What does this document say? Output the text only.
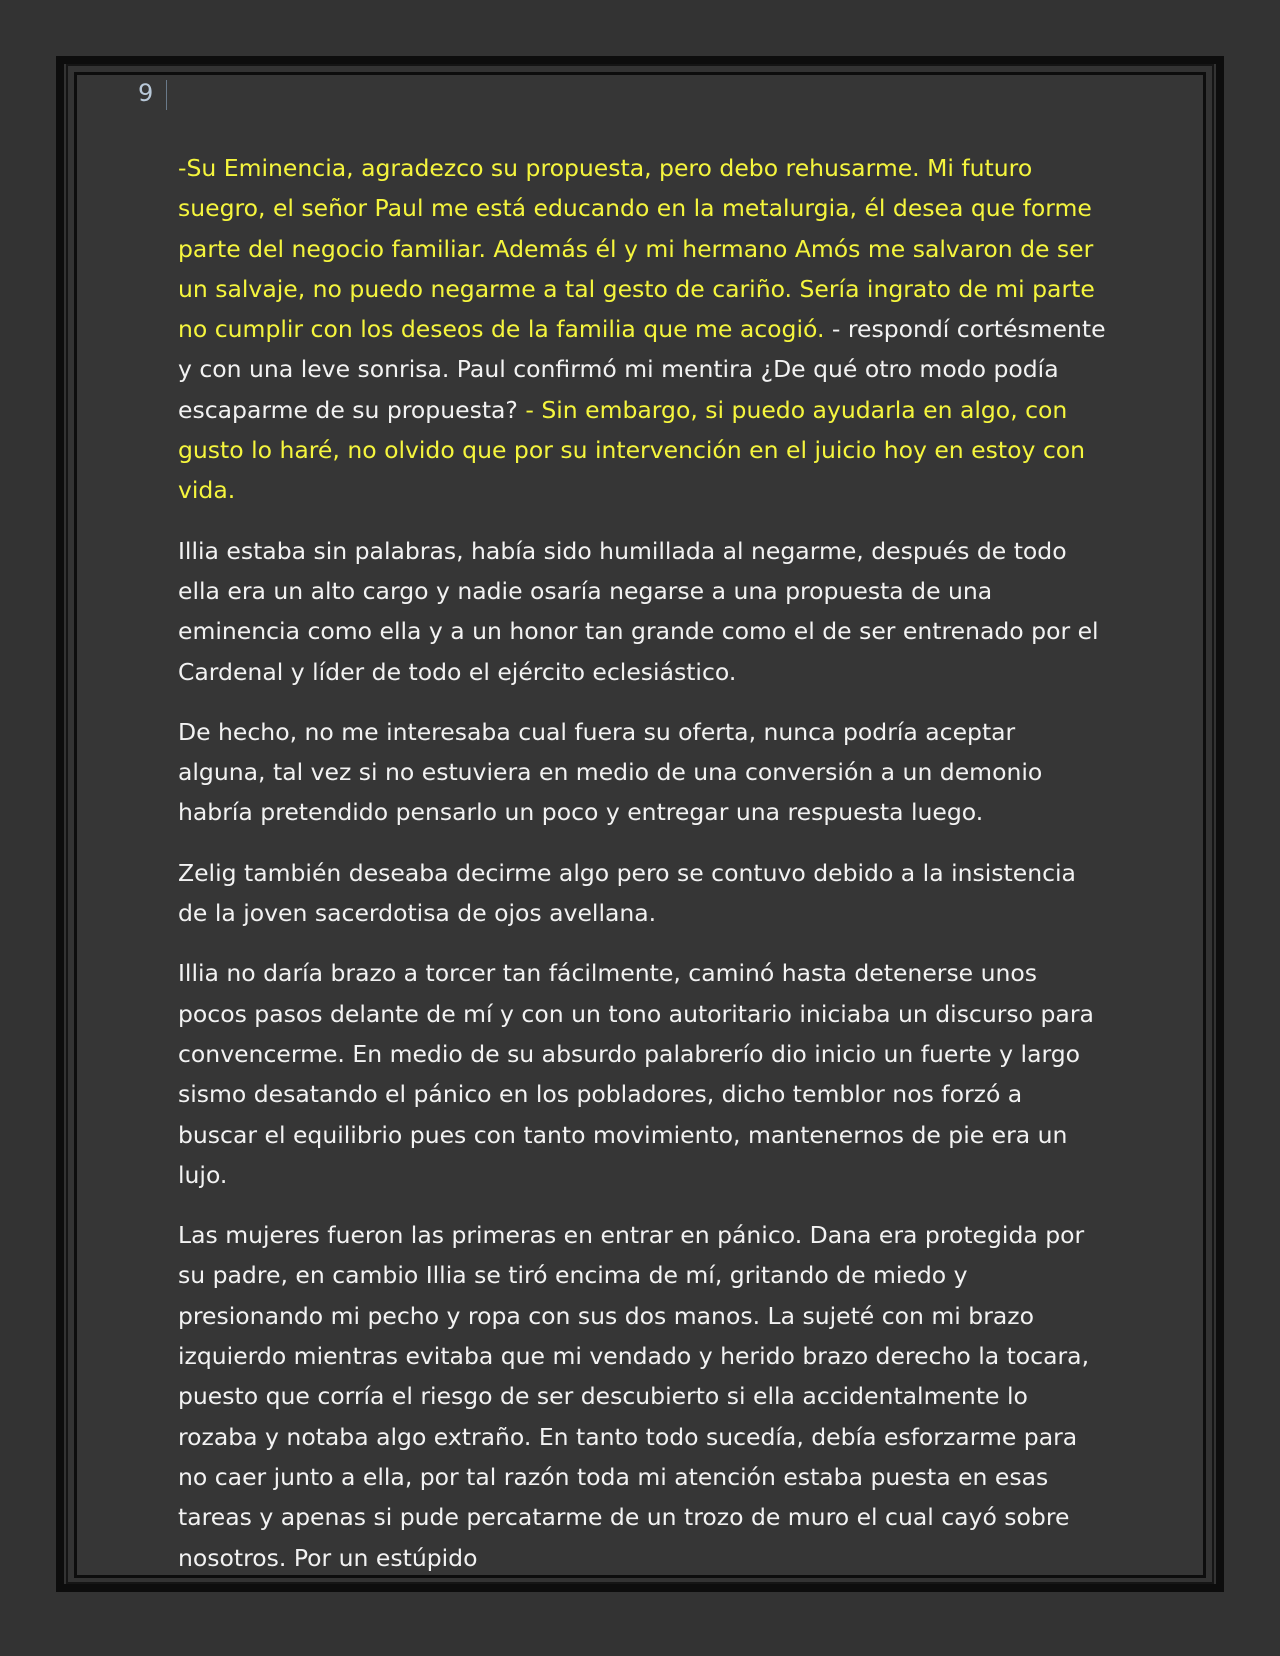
9

-Su Eminencia, agradezco su propuesta, pero debo rehusarme. Mi futuro suegro, el señor Paul me está educando en la metalurgia, él desea que forme parte del negocio familiar. Además él y mi hermano Amós me salvaron de ser un salvaje, no puedo negarme a tal gesto de cariño. Sería ingrato de mi parte no cumplir con los deseos de la familia que me acogió. - respondí cortésmente y con una leve sonrisa. Paul confirmó mi mentira ¿De qué otro modo podía escaparme de su propuesta? - Sin embargo, si puedo ayudarla en algo, con gusto lo haré, no olvido que por su intervención en el juicio hoy en estoy con vida.

Illia estaba sin palabras, había sido humillada al negarme, después de todo ella era un alto cargo y nadie osaría negarse a una propuesta de una eminencia como ella y a un honor tan grande como el de ser entrenado por el Cardenal y líder de todo el ejército eclesiástico.

De hecho, no me interesaba cual fuera su oferta, nunca podría aceptar alguna, tal vez si no estuviera en medio de una conversión a un demonio habría pretendido pensarlo un poco y entregar una respuesta luego.

Zelig también deseaba decirme algo pero se contuvo debido a la insistencia de la joven sacerdotisa de ojos avellana.

Illia no daría brazo a torcer tan fácilmente, caminó hasta detenerse unos pocos pasos delante de mí y con un tono autoritario iniciaba un discurso para convencerme. En medio de su absurdo palabrerío dio inicio un fuerte y largo sismo desatando el pánico en los pobladores, dicho temblor nos forzó a buscar el equilibrio pues con tanto movimiento, mantenernos de pie era un lujo.

Las mujeres fueron las primeras en entrar en pánico. Dana era protegida por su padre, en cambio Illia se tiró encima de mí, gritando de miedo y presionando mi pecho y ropa con sus dos manos. La sujeté con mi brazo izquierdo mientras evitaba que mi vendado y herido brazo derecho la tocara, puesto que corría el riesgo de ser descubierto si ella accidentalmente lo rozaba y notaba algo extraño. En tanto todo sucedía, debía esforzarme para no caer junto a ella, por tal razón toda mi atención estaba puesta en esas tareas y apenas si pude percatarme de un trozo de muro el cual cayó sobre nosotros. Por un estúpido
